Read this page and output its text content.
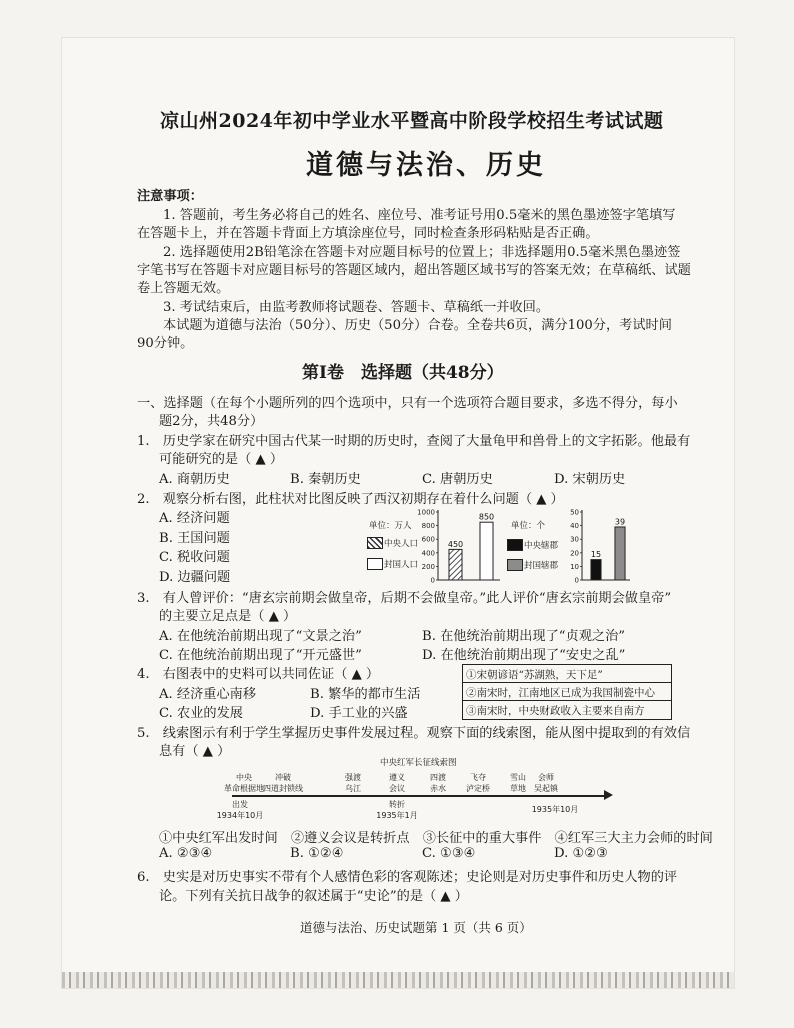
凉山州2024年初中学业水平暨高中阶段学校招生考试试题
道德与法治、历史
注意事项：
1. 答题前，考生务必将自己的姓名、座位号、准考证号用0.5毫米的黑色墨迹签字笔填写
在答题卡上，并在答题卡背面上方填涂座位号，同时检查条形码粘贴是否正确。
2. 选择题使用2B铅笔涂在答题卡对应题目标号的位置上；非选择题用0.5毫米黑色墨迹签
字笔书写在答题卡对应题目标号的答题区域内，超出答题区域书写的答案无效；在草稿纸、试题
卷上答题无效。
3. 考试结束后，由监考教师将试题卷、答题卡、草稿纸一并收回。
本试题为道德与法治（50分）、历史（50分）合卷。全卷共6页，满分100分，考试时间
90分钟。
第Ⅰ卷　选择题（共48分）
一、选择题（在每个小题所列的四个选项中，只有一个选项符合题目要求，多选不得分，每小
题2分，共48分）
1.　历史学家在研究中国古代某一时期的历史时，查阅了大量龟甲和兽骨上的文字拓影。他最有
可能研究的是（ ▲ ）
A. 商朝历史	B. 秦朝历史	C. 唐朝历史	D. 宋朝历史
2.　观察分析右图，此柱状对比图反映了西汉初期存在着什么问题（ ▲ ）
A. 经济问题
B. 王国问题
C. 税收问题
D. 边疆问题
单位：万人
中央人口
封国人口
0
200
400
600
800
1000
450
850
单位：个
中央辖郡
封国辖郡
0
10
20
30
40
50
15
39
3.　有人曾评价：“唐玄宗前期会做皇帝，后期不会做皇帝。”此人评价“唐玄宗前期会做皇帝”
的主要立足点是（ ▲ ）
A. 在他统治前期出现了“文景之治”	B. 在他统治前期出现了“贞观之治”
C. 在他统治前期出现了“开元盛世”	D. 在他统治前期出现了“安史之乱”
4.　右图表中的史料可以共同佐证（ ▲ ）
A. 经济重心南移	B. 繁华的都市生活
C. 农业的发展	D. 手工业的兴盛
①宋朝谚语“苏湖熟，天下足”
②南宋时，江南地区已成为我国制瓷中心
③南宋时，中央财政收入主要来自南方
5.　线索图示有利于学生掌握历史事件发展过程。观察下面的线索图，能从图中提取到的有效信
息有（ ▲ ）
中央红军长征线索图
中央
革命根据地
冲破
四道封锁线
强渡
乌江
遵义
会议
四渡
赤水
飞夺
泸定桥
雪山
草地
会师
吴起镇
出发
1934年10月
转折
1935年1月
1935年10月
①中央红军出发时间　②遵义会议是转折点　③长征中的重大事件　④红军三大主力会师的时间
A. ②③④	B. ①②④	C. ①③④	D. ①②③
6.　史实是对历史事实不带有个人感情色彩的客观陈述；史论则是对历史事件和历史人物的评
论。下列有关抗日战争的叙述属于“史论”的是（ ▲ ）
道德与法治、历史试题第 1 页（共 6 页）
